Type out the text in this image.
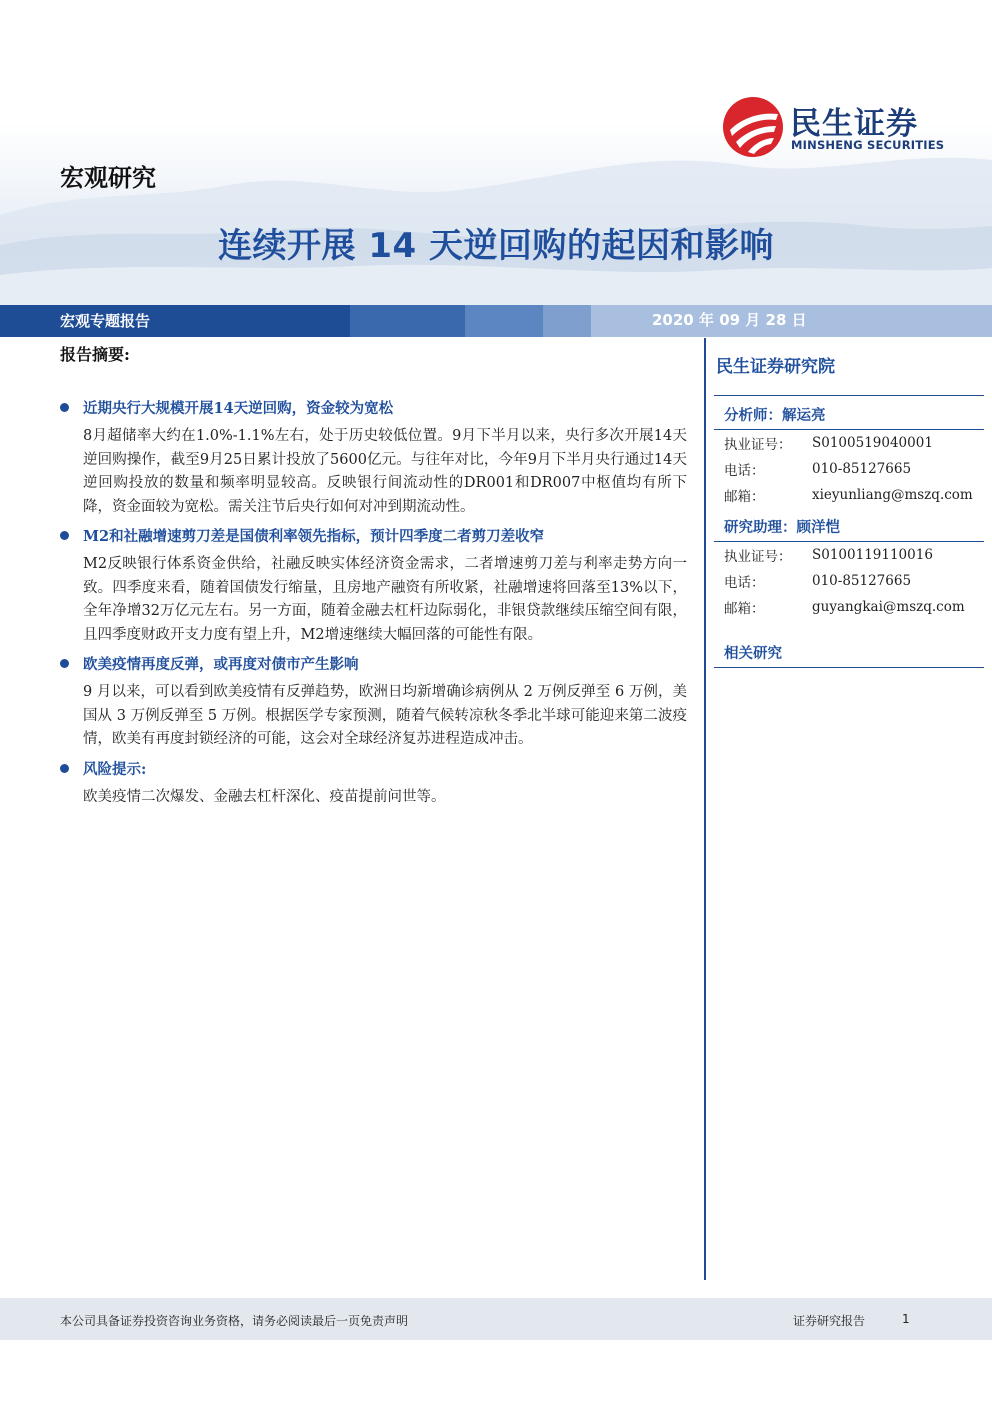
民生证券
MINSHENG SECURITIES
宏观研究
连续开展 14 天逆回购的起因和影响
宏观专题报告	2020 年 09 月 28 日
报告摘要:
近期央行大规模开展14天逆回购，资金较为宽松
8月超储率大约在1.0%-1.1%左右，处于历史较低位置。9月下半月以来，央行多次开展14天逆回购操作，截至9月25日累计投放了5600亿元。与往年对比，今年9月下半月央行通过14天逆回购投放的数量和频率明显较高。反映银行间流动性的DR001和DR007中枢值均有所下降，资金面较为宽松。需关注节后央行如何对冲到期流动性。
M2和社融增速剪刀差是国债利率领先指标，预计四季度二者剪刀差收窄
M2反映银行体系资金供给，社融反映实体经济资金需求，二者增速剪刀差与利率走势方向一致。四季度来看，随着国债发行缩量，且房地产融资有所收紧，社融增速将回落至13%以下，全年净增32万亿元左右。另一方面，随着金融去杠杆边际弱化，非银贷款继续压缩空间有限，且四季度财政开支力度有望上升，M2增速继续大幅回落的可能性有限。
欧美疫情再度反弹，或再度对债市产生影响
9 月以来，可以看到欧美疫情有反弹趋势，欧洲日均新增确诊病例从 2 万例反弹至 6 万例，美国从 3 万例反弹至 5 万例。根据医学专家预测，随着气候转凉秋冬季北半球可能迎来第二波疫情，欧美有再度封锁经济的可能，这会对全球经济复苏进程造成冲击。
风险提示:
欧美疫情二次爆发、金融去杠杆深化、疫苗提前问世等。
民生证券研究院
分析师：解运亮
执业证号：	S0100519040001
电话：	010-85127665
邮箱：	xieyunliang@mszq.com
研究助理：顾洋恺
执业证号：	S0100119110016
电话：	010-85127665
邮箱：	guyangkai@mszq.com
相关研究
本公司具备证券投资咨询业务资格，请务必阅读最后一页免责声明	证券研究报告	1
